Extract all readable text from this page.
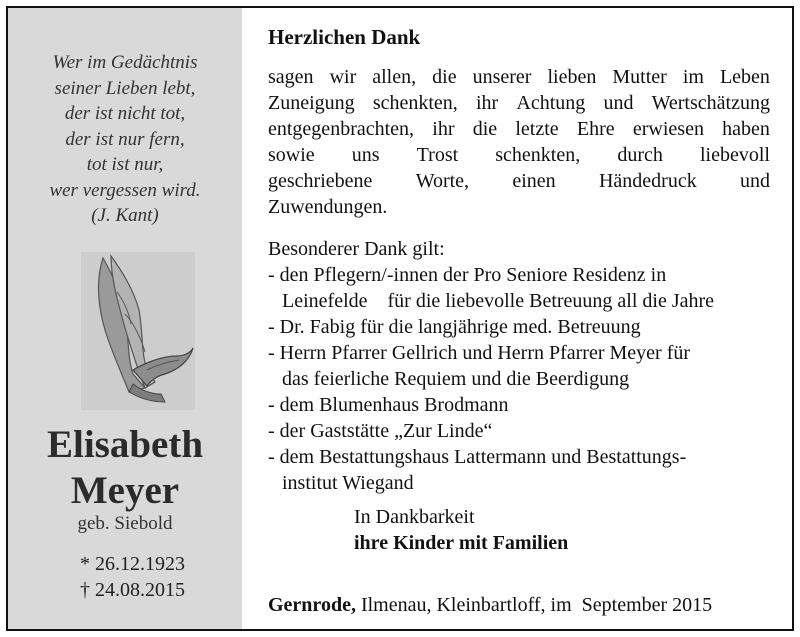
Wer im Gedächtnis
seiner Lieben lebt,
der ist nicht tot,
der ist nur fern,
tot ist nur,
wer vergessen wird.
(J. Kant)
Elisabeth
Meyer
geb. Siebold
* 26.12.1923
† 24.08.2015
Herzlichen Dank
sagen wir allen, die unserer lieben Mutter im Leben
Zuneigung schenkten, ihr Achtung und Wertschätzung
entgegenbrachten, ihr die letzte Ehre erwiesen haben
sowie uns Trost schenkten, durch liebevoll
geschriebene Worte, einen Händedruck und
Zuwendungen.
Besonderer Dank gilt:
- den Pflegern/-innen der Pro Seniore Residenz in
Leinefelde    für die liebevolle Betreuung all die Jahre
- Dr. Fabig für die langjährige med. Betreuung
- Herrn Pfarrer Gellrich und Herrn Pfarrer Meyer für
das feierliche Requiem und die Beerdigung
- dem Blumenhaus Brodmann
- der Gaststätte „Zur Linde“
- dem Bestattungshaus Lattermann und Bestattungs-
institut Wiegand
In Dankbarkeit
ihre Kinder mit Familien
Gernrode, Ilmenau, Kleinbartloff, im  September 2015
